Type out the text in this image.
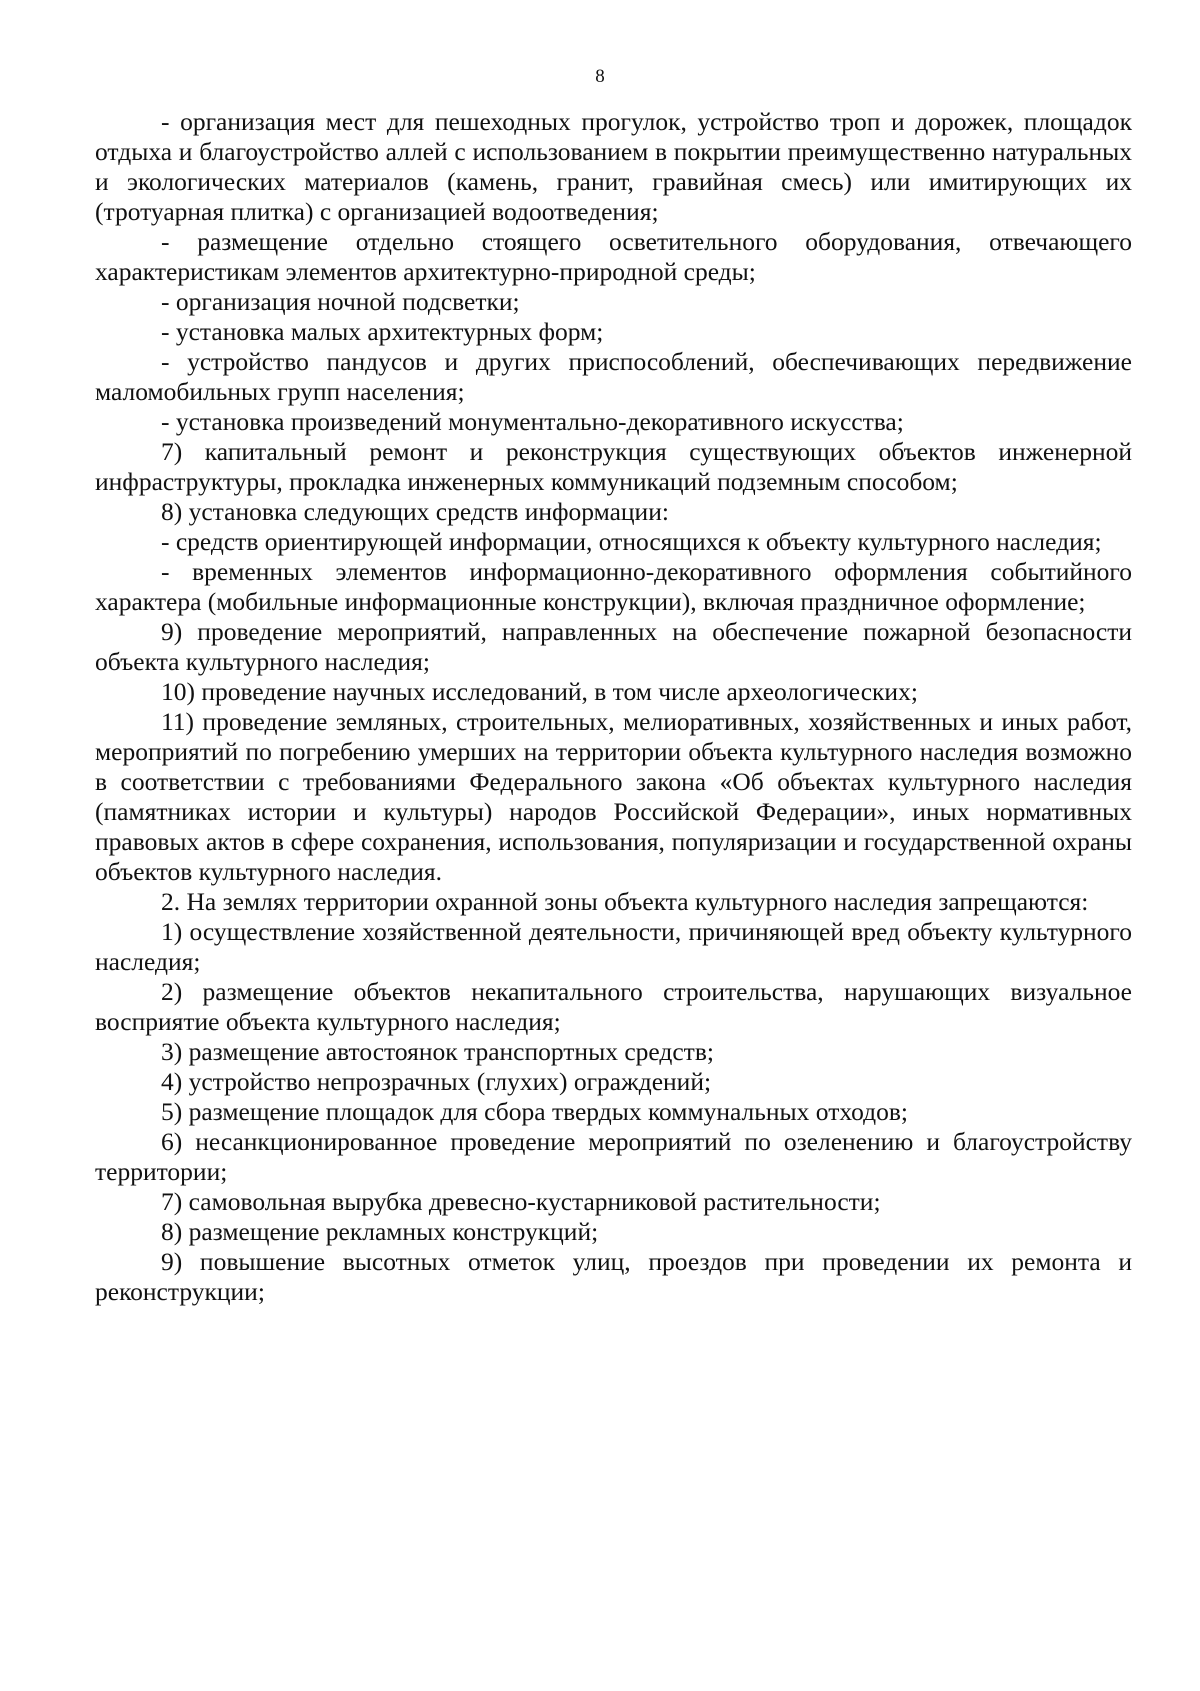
8

- организация мест для пешеходных прогулок, устройство троп и дорожек, площадок отдыха и благоустройство аллей с использованием в покрытии преимущественно натуральных и экологических материалов (камень, гранит, гравийная смесь) или имитирующих их (тротуарная плитка) с организацией водоотведения;

- размещение отдельно стоящего осветительного оборудования, отвечающего характеристикам элементов архитектурно-природной среды;

- организация ночной подсветки;

- установка малых архитектурных форм;

- устройство пандусов и других приспособлений, обеспечивающих передвижение маломобильных групп населения;

- установка произведений монументально-декоративного искусства;

7) капитальный ремонт и реконструкция существующих объектов инженерной инфраструктуры, прокладка инженерных коммуникаций подземным способом;

8) установка следующих средств информации:

- средств ориентирующей информации, относящихся к объекту культурного наследия;

- временных элементов информационно-декоративного оформления событийного характера (мобильные информационные конструкции), включая праздничное оформление;

9) проведение мероприятий, направленных на обеспечение пожарной безопасности объекта культурного наследия;

10) проведение научных исследований, в том числе археологических;

11) проведение земляных, строительных, мелиоративных, хозяйственных и иных работ, мероприятий по погребению умерших на территории объекта культурного наследия возможно в соответствии с требованиями Федерального закона «Об объектах культурного наследия (памятниках истории и культуры) народов Российской Федерации», иных нормативных правовых актов в сфере сохранения, использования, популяризации и государственной охраны объектов культурного наследия.

2. На землях территории охранной зоны объекта культурного наследия запрещаются:

1) осуществление хозяйственной деятельности, причиняющей вред объекту культурного наследия;

2) размещение объектов некапитального строительства, нарушающих визуальное восприятие объекта культурного наследия;

3) размещение автостоянок транспортных средств;

4) устройство непрозрачных (глухих) ограждений;

5) размещение площадок для сбора твердых коммунальных отходов;

6) несанкционированное проведение мероприятий по озеленению и благоустройству территории;

7) самовольная вырубка древесно-кустарниковой растительности;

8) размещение рекламных конструкций;

9) повышение высотных отметок улиц, проездов при проведении их ремонта и реконструкции;
